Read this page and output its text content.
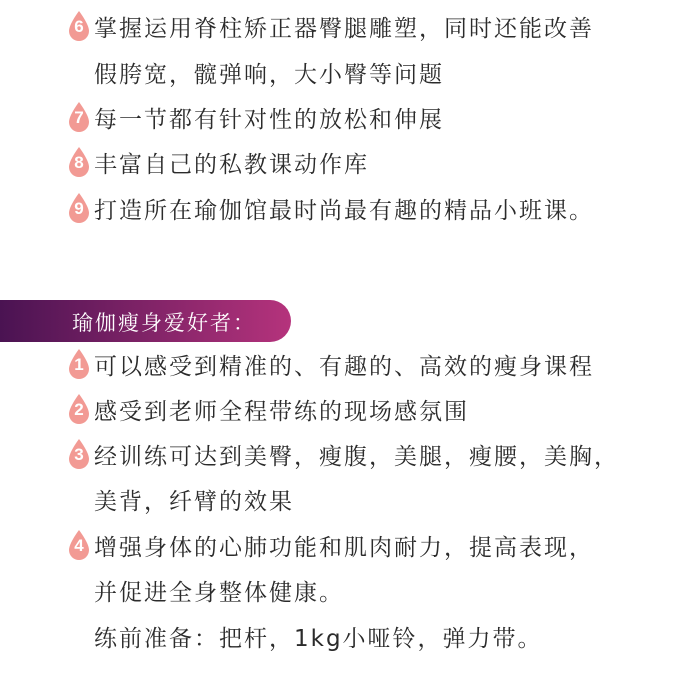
6 掌握运用脊柱矫正器臀腿雕塑，同时还能改善
假胯宽，髋弹响，大小臀等问题
7 每一节都有针对性的放松和伸展
8 丰富自己的私教课动作库
9 打造所在瑜伽馆最时尚最有趣的精品小班课。
瑜伽瘦身爱好者：
1 可以感受到精准的、有趣的、高效的瘦身课程
2 感受到老师全程带练的现场感氛围
3 经训练可达到美臀，瘦腹，美腿，瘦腰，美胸，
美背，纤臂的效果
4 增强身体的心肺功能和肌肉耐力，提高表现，
并促进全身整体健康。
练前准备：把杆，1kg小哑铃，弹力带。
